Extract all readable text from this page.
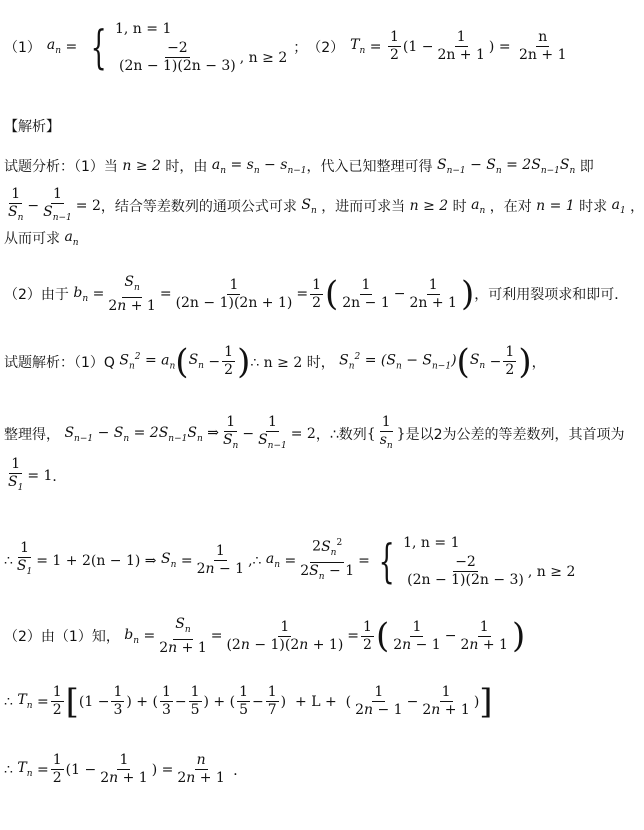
（1） $a_n$ = { 1, n = 1
$\frac{-2}{(2n - 1)(2n - 3)}$ , n ≥ 2
； （2） $T_n = \frac{1}{2} (1 - \frac{1}{2n + 1}$ ) =
$\frac{n}{2n + 1}$
【解析】
试题分析：（1）当 n ≥ 2 时，由 $a_n = s_n - s_{n-1}$ ，代入已知整理可得 $S_{n-1} - S_n = 2S_{n-1}S_n$ 即
$\frac{1}{S_n} - \frac{1}{S_{n-1}} = 2$ ，结合等差数列的通项公式可求 $S_n$ ，进而可求当 n ≥ 2 时 $a_n$ ，在对 n = 1 时求 $a_1$ ，
从而可求 $a_n$
（2）由于 $b_n = \frac{S_n}{2n + 1} = \frac{1}{(2n - 1)(2n + 1)} = \frac{1}{2}$ ( $\frac{1}{2n - 1} - \frac{1}{2n + 1}$ ) ，可利用裂项求和即可．
试题解析：（1）Q $S_n^2 = a_n$ ( $S_n - \frac{1}{2}$ ) ∴ n ≥ 2 时， $S_n^2 = (S_n - S_{n-1})$ ( $S_n - \frac{1}{2}$ ) ，
整理得， $S_{n-1} - S_n = 2S_{n-1}S_n$ ⇒ $\frac{1}{S_n} - \frac{1}{S_{n-1}} = 2$ ，∴数列 { $\frac{1}{s_n}$ } 是以2为公差的等差数列，其首项为
$\frac{1}{S_1} = 1$ ．
∴ $\frac{1}{S_1} = 1 + 2(n - 1)$ ⇒
$S_n = \frac{1}{2n - 1}$ , ∴
$a_n = \frac{2S_n^2}{2S_n - 1}$ = { 1, n = 1
$\frac{-2}{(2n - 1)(2n - 3)}$ , n ≥ 2
（2）由（1）知， $b_n = \frac{S_n}{2n + 1} = \frac{1}{(2n - 1)(2n + 1)} = \frac{1}{2}$ ( $\frac{1}{2n - 1} - \frac{1}{2n + 1}$ )
∴
$T_n = \frac{1}{2}$ [ ($1 - \frac{1}{3}$ ) + ( $\frac{1}{3} - \frac{1}{5}$ ) + ( $\frac{1}{5} - \frac{1}{7}$ ) + L + ( $\frac{1}{2n - 1} - \frac{1}{2n + 1}$ ) ]
∴
$T_n = \frac{1}{2} (1 - \frac{1}{2n + 1}$ ) = $\frac{n}{2n + 1}$
．
